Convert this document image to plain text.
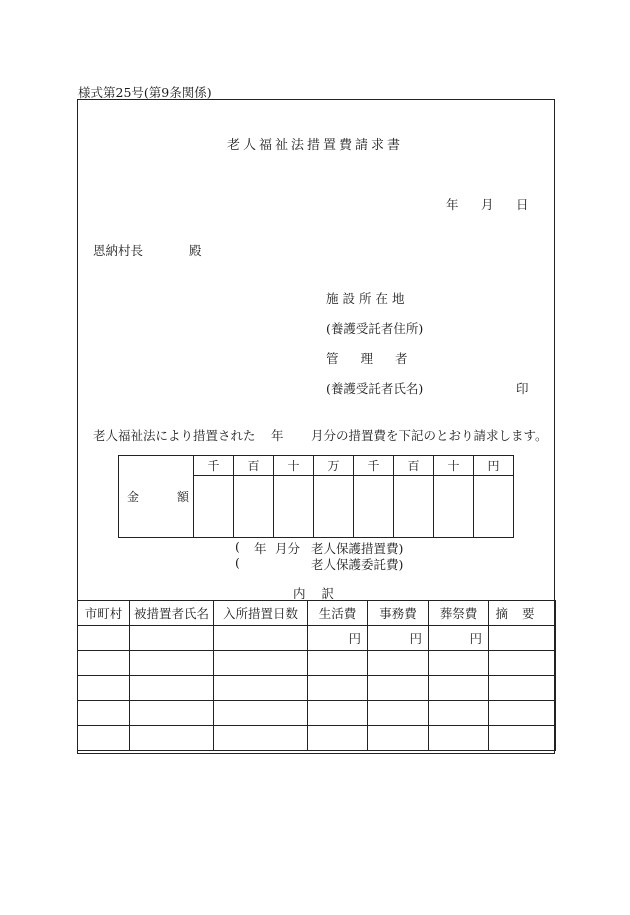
様式第25号(第9条関係)
老人福祉法措置費請求書
年 月 日
恩納村長	殿
施設所在地
(養護受託者住所)
管理者
(養護受託者氏名)	印
老人福祉法により措置された 年 月分の措置費を下記のとおり請求します。
金 額	千	百	十	万	千	百	十	円

( 年 月分 老人保護措置費)
(	老人保護委託費)
内訳
市町村	被措置者氏名	入所措置日数	生活費	事務費	葬祭費	摘要
			円	円	円	
